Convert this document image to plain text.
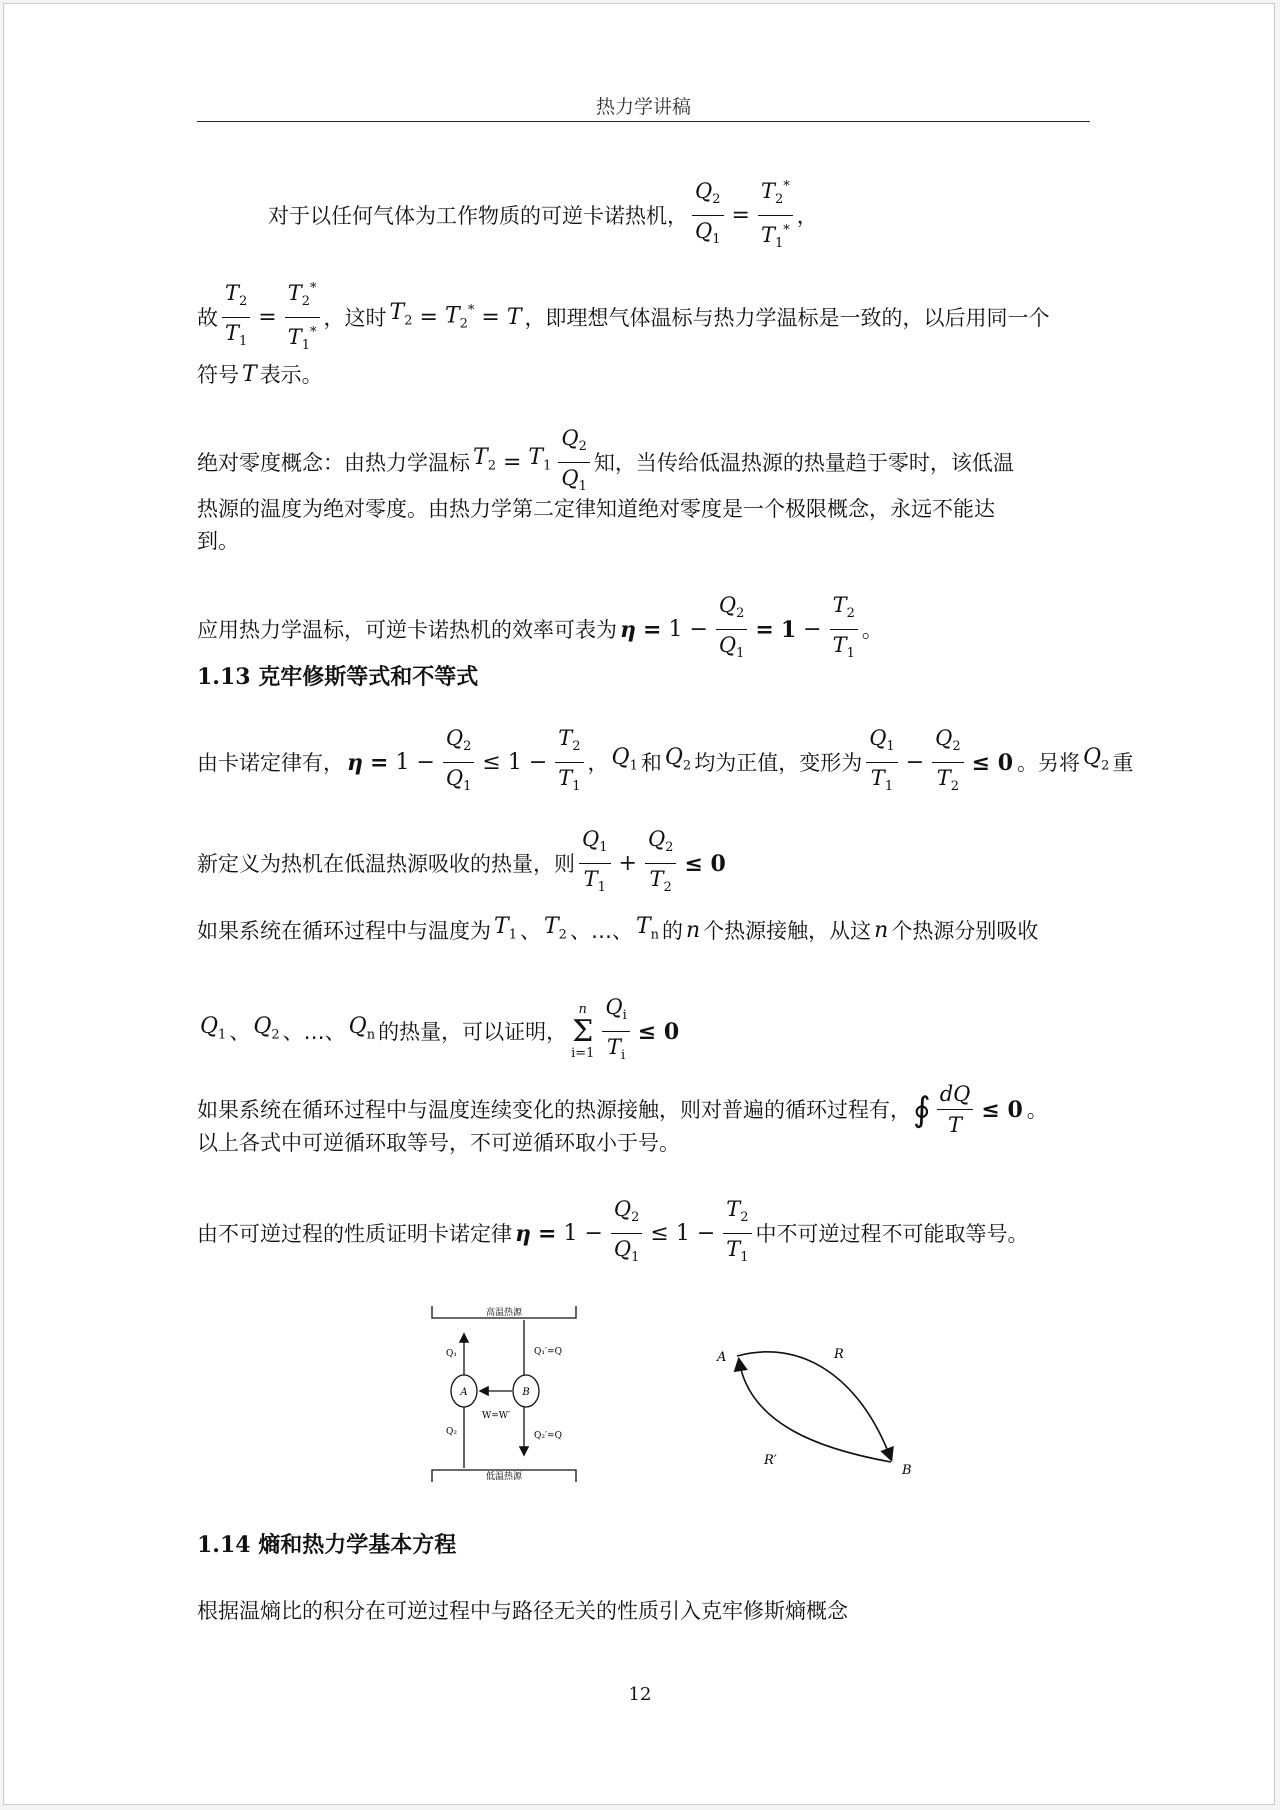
热力学讲稿
对于以任何气体为工作物质的可逆卡诺热机， $\frac{Q_2}{Q_1} = \frac{T_2^*}{T_1^*}$ ，
故 $\frac{T_2}{T_1} = \frac{T_2^*}{T_1^*}$ ，这时 $T_2 = T_2^* = T$ ，即理想气体温标与热力学温标是一致的，以后用同一个
符号 T 表示。
绝对零度概念：由热力学温标 $T_2 = T_1 \frac{Q_2}{Q_1}$ 知，当传给低温热源的热量趋于零时，该低温
热源的温度为绝对零度。由热力学第二定律知道绝对零度是一个极限概念，永远不能达
到。
应用热力学温标，可逆卡诺热机的效率可表为 $\eta = 1 - \frac{Q_2}{Q_1} = 1 - \frac{T_2}{T_1}$ 。
1.13 克牢修斯等式和不等式
由卡诺定律有， $\eta = 1 - \frac{Q_2}{Q_1} \le 1 - \frac{T_2}{T_1}$ ， $Q_1$ 和 $Q_2$ 均为正值，变形为 $\frac{Q_1}{T_1} - \frac{Q_2}{T_2} \le 0$ 。另将 $Q_2$ 重
新定义为热机在低温热源吸收的热量，则 $\frac{Q_1}{T_1} + \frac{Q_2}{T_2} \le 0$
如果系统在循环过程中与温度为 $T_1$ 、 $T_2$ 、 … 、 $T_n$ 的 n 个热源接触，从这 n 个热源分别吸收
$Q_1$ 、 $Q_2$ 、 … 、 $Q_n$ 的热量，可以证明，
n
Σ
$i=1 \frac{Q_i}{T_i} \le 0$
如果系统在循环过程中与温度连续变化的热源接触，则对普遍的循环过程有， ∮ $\frac{dQ}{T} \le 0$ 。
以上各式中可逆循环取等号，不可逆循环取小于号。
由不可逆过程的性质证明卡诺定律 $\eta = 1 - \frac{Q_2}{Q_1} \le 1 - \frac{T_2}{T_1}$ 中不可逆过程不可能取等号。
高温热源
低温热源
A	B
Q₁	Q₁′=Q
Q₂	Q₂′=Q
W=W′
A
B
R
R′
1.14 熵和热力学基本方程
根据温熵比的积分在可逆过程中与路径无关的性质引入克牢修斯熵概念
12
